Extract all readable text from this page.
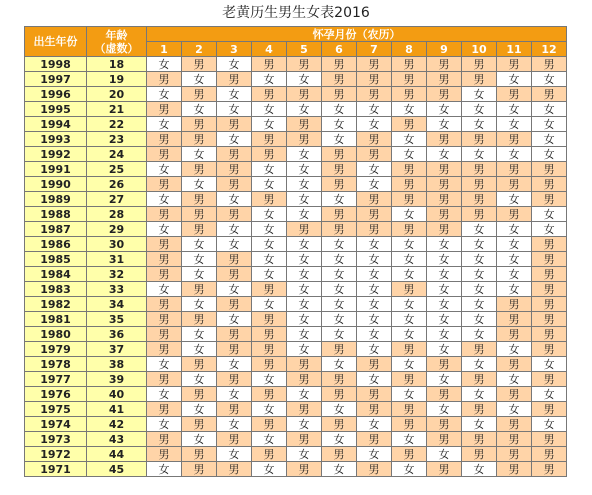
老黄历生男生女表2016
出生年份	年龄
（虚数）	怀孕月份（农历）											
		1	2	3	4	5	6	7	8	9	10	11	12
1998	18	女	男	女	男	男	男	男	男	男	男	男	男
1997	19	男	女	男	女	女	男	男	男	男	男	女	女
1996	20	女	男	女	男	男	男	男	男	男	女	男	男
1995	21	男	女	女	女	女	女	女	女	女	女	女	女
1994	22	女	男	男	女	男	女	女	男	女	女	女	女
1993	23	男	男	女	男	男	女	男	女	男	男	男	女
1992	24	男	女	男	男	女	男	男	女	女	女	女	女
1991	25	女	男	男	女	女	男	女	男	男	男	男	男
1990	26	男	女	男	女	女	男	女	男	男	男	男	男
1989	27	女	男	女	男	女	女	男	男	男	男	女	男
1988	28	男	男	男	女	女	男	男	女	男	男	男	女
1987	29	女	男	女	女	男	男	男	男	男	女	女	女
1986	30	男	女	女	女	女	女	女	女	女	女	女	男
1985	31	男	女	男	女	女	女	女	女	女	女	女	男
1984	32	男	女	男	女	女	女	女	女	女	女	女	男
1983	33	女	男	女	男	女	女	女	男	女	女	女	男
1982	34	男	女	男	女	女	女	女	女	女	女	男	男
1981	35	男	男	女	男	女	女	女	女	女	女	男	男
1980	36	男	女	男	男	女	女	女	女	女	女	男	男
1979	37	男	女	男	男	女	男	女	男	女	男	女	男
1978	38	女	男	女	男	男	女	男	女	男	女	男	女
1977	39	男	女	男	女	男	男	女	男	女	男	女	男
1976	40	女	男	女	男	女	男	男	女	男	女	男	女
1975	41	男	女	男	女	男	女	男	男	女	男	女	男
1974	42	女	男	女	男	女	男	女	男	男	女	男	女
1973	43	男	女	男	女	男	女	男	女	男	男	男	男
1972	44	男	男	女	男	女	男	女	男	女	男	男	男
1971	45	女	男	男	女	男	女	男	女	男	女	男	男
